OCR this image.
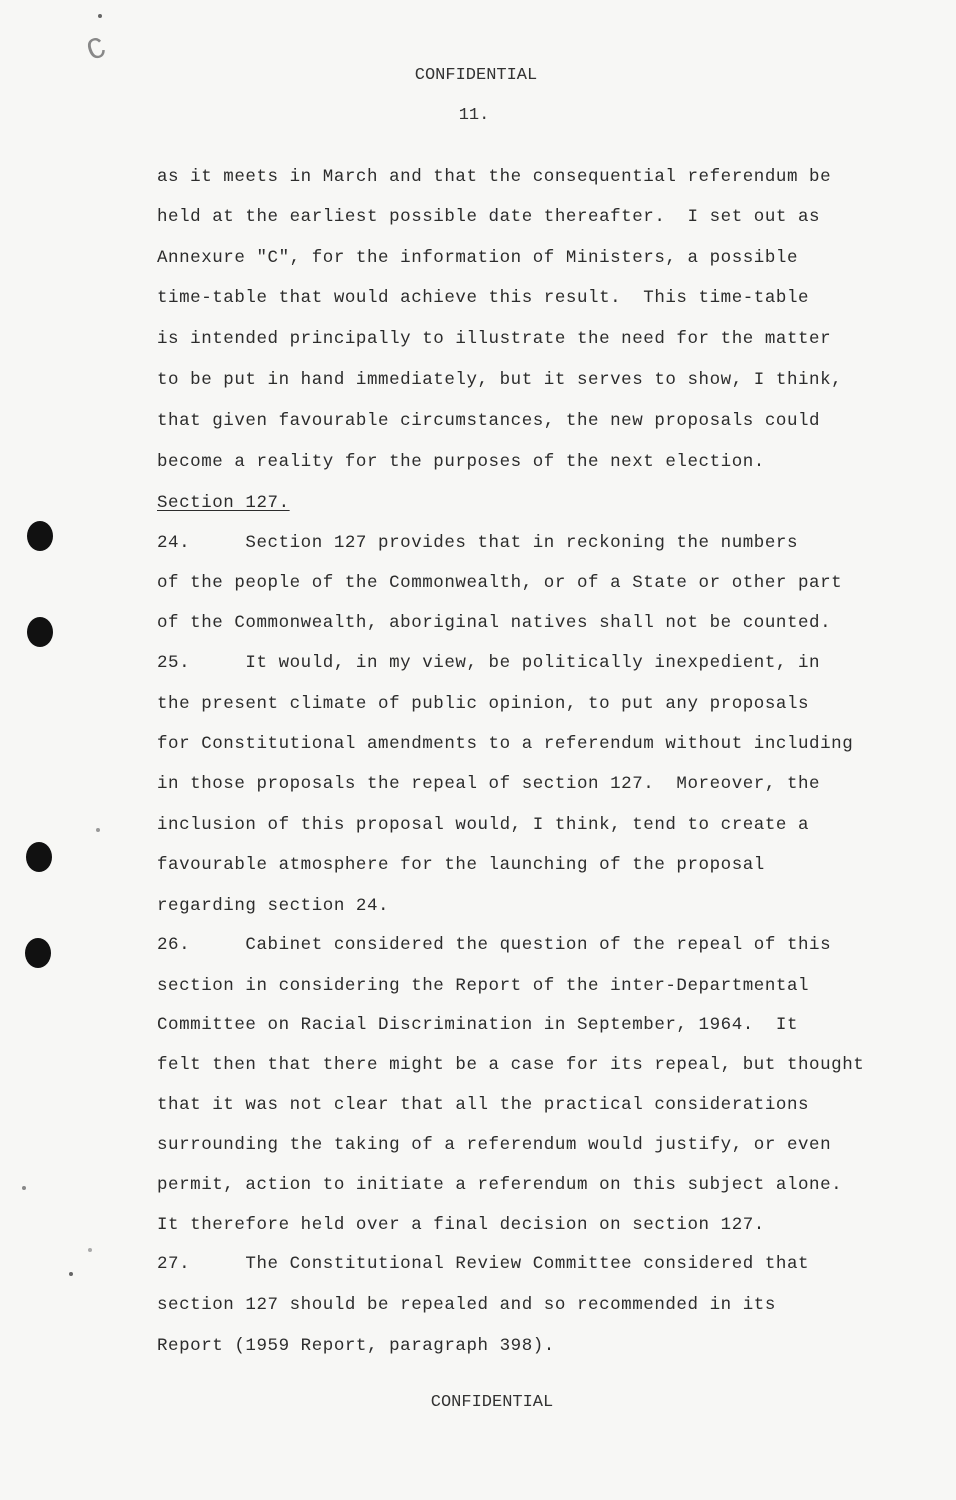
C
CONFIDENTIAL
11.
as it meets in March and that the consequential referendum be
held at the earliest possible date thereafter.  I set out as
Annexure "C", for the information of Ministers, a possible
time-table that would achieve this result.  This time-table
is intended principally to illustrate the need for the matter
to be put in hand immediately, but it serves to show, I think,
that given favourable circumstances, the new proposals could
become a reality for the purposes of the next election.
Section 127.
24.     Section 127 provides that in reckoning the numbers
of the people of the Commonwealth, or of a State or other part
of the Commonwealth, aboriginal natives shall not be counted.
25.     It would, in my view, be politically inexpedient, in
the present climate of public opinion, to put any proposals
for Constitutional amendments to a referendum without including
in those proposals the repeal of section 127.  Moreover, the
inclusion of this proposal would, I think, tend to create a
favourable atmosphere for the launching of the proposal
regarding section 24.
26.     Cabinet considered the question of the repeal of this
section in considering the Report of the inter-Departmental
Committee on Racial Discrimination in September, 1964.  It
felt then that there might be a case for its repeal, but thought
that it was not clear that all the practical considerations
surrounding the taking of a referendum would justify, or even
permit, action to initiate a referendum on this subject alone.
It therefore held over a final decision on section 127.
27.     The Constitutional Review Committee considered that
section 127 should be repealed and so recommended in its
Report (1959 Report, paragraph 398).
CONFIDENTIAL
